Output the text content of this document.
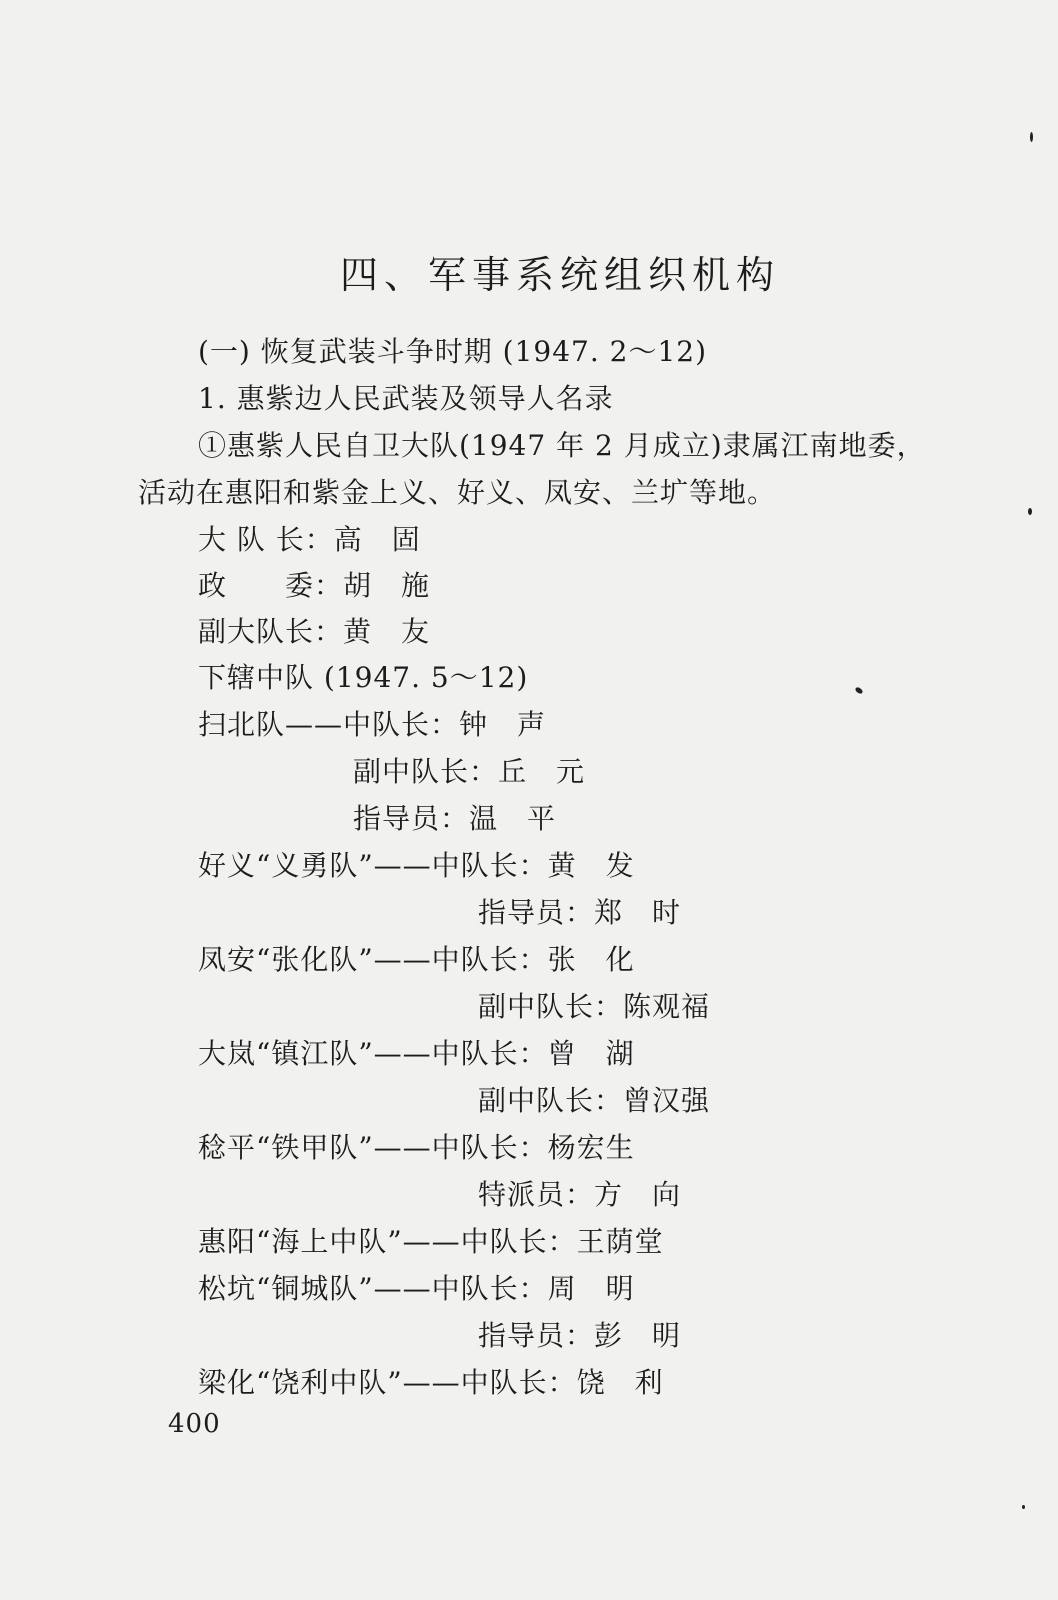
四、军事系统组织机构
(一) 恢复武装斗争时期 (1947. 2～12)
1. 惠紫边人民武装及领导人名录
①惠紫人民自卫大队(1947 年 2 月成立)隶属江南地委，
活动在惠阳和紫金上义、好义、凤安、兰圹等地。
大 队 长：高　固
政　　委：胡　施
副大队长：黄　友
下辖中队 (1947. 5～12)
扫北队——中队长：钟　声
副中队长：丘　元
指导员：温　平
好义“义勇队”——中队长：黄　发
指导员：郑　时
凤安“张化队”——中队长：张　化
副中队长：陈观福
大岚“镇江队”——中队长：曾　湖
副中队长：曾汉强
稔平“铁甲队”——中队长：杨宏生
特派员：方　向
惠阳“海上中队”——中队长：王荫堂
松坑“铜城队”——中队长：周　明
指导员：彭　明
梁化“饶利中队”——中队长：饶　利
400
